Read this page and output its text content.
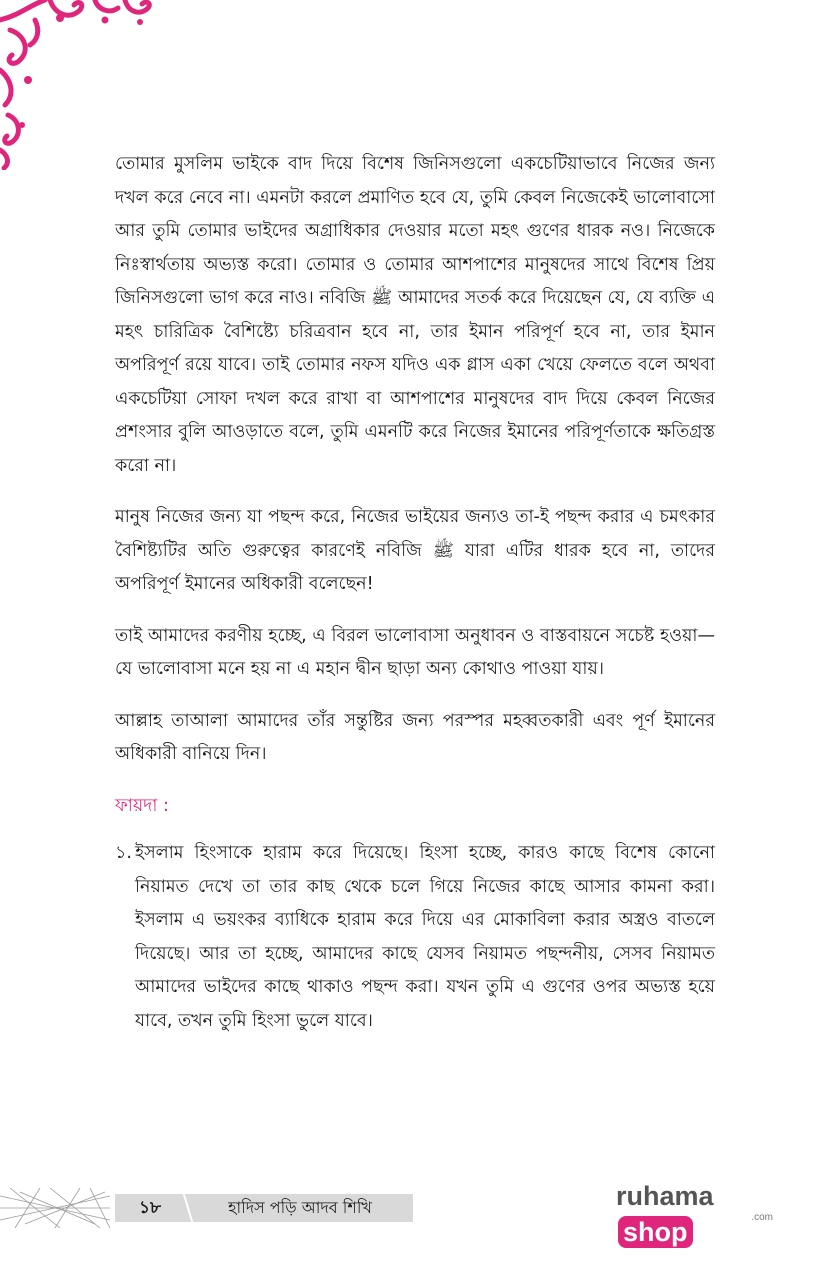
তোমার মুসলিম ভাইকে বাদ দিয়ে বিশেষ জিনিসগুলো একচেটিয়াভাবে নিজের জন্য দখল করে নেবে না। এমনটা করলে প্রমাণিত হবে যে, তুমি কেবল নিজেকেই ভালোবাসো আর তুমি তোমার ভাইদের অগ্রাধিকার দেওয়ার মতো মহৎ গুণের ধারক নও। নিজেকে নিঃস্বার্থতায় অভ্যস্ত করো। তোমার ও তোমার আশপাশের মানুষদের সাথে বিশেষ প্রিয় জিনিসগুলো ভাগ করে নাও। নবিজি ﷺ আমাদের সতর্ক করে দিয়েছেন যে, যে ব্যক্তি এ মহৎ চারিত্রিক বৈশিষ্ট্যে চরিত্রবান হবে না, তার ইমান পরিপূর্ণ হবে না, তার ইমান অপরিপূর্ণ রয়ে যাবে। তাই তোমার নফস যদিও এক গ্লাস একা খেয়ে ফেলতে বলে অথবা একচেটিয়া সোফা দখল করে রাখা বা আশপাশের মানুষদের বাদ দিয়ে কেবল নিজের প্রশংসার বুলি আওড়াতে বলে, তুমি এমনটি করে নিজের ইমানের পরিপূর্ণতাকে ক্ষতিগ্রস্ত করো না।

মানুষ নিজের জন্য যা পছন্দ করে, নিজের ভাইয়ের জন্যও তা-ই পছন্দ করার এ চমৎকার বৈশিষ্ট্যটির অতি গুরুত্বের কারণেই নবিজি ﷺ যারা এটির ধারক হবে না, তাদের অপরিপূর্ণ ইমানের অধিকারী বলেছেন!

তাই আমাদের করণীয় হচ্ছে, এ বিরল ভালোবাসা অনুধাবন ও বাস্তবায়নে সচেষ্ট হওয়া—যে ভালোবাসা মনে হয় না এ মহান দ্বীন ছাড়া অন্য কোথাও পাওয়া যায়।

আল্লাহ তাআলা আমাদের তাঁর সন্তুষ্টির জন্য পরস্পর মহব্বতকারী এবং পূর্ণ ইমানের অধিকারী বানিয়ে দিন।

ফায়দা :
১. ইসলাম হিংসাকে হারাম করে দিয়েছে। হিংসা হচ্ছে, কারও কাছে বিশেষ কোনো নিয়ামত দেখে তা তার কাছ থেকে চলে গিয়ে নিজের কাছে আসার কামনা করা। ইসলাম এ ভয়ংকর ব্যাধিকে হারাম করে দিয়ে এর মোকাবিলা করার অস্ত্রও বাতলে দিয়েছে। আর তা হচ্ছে, আমাদের কাছে যেসব নিয়ামত পছন্দনীয়, সেসব নিয়ামত আমাদের ভাইদের কাছে থাকাও পছন্দ করা। যখন তুমি এ গুণের ওপর অভ্যস্ত হয়ে যাবে, তখন তুমি হিংসা ভুলে যাবে।
১৮	হাদিস পড়ি আদব শিখি	ruhamashop	.com
